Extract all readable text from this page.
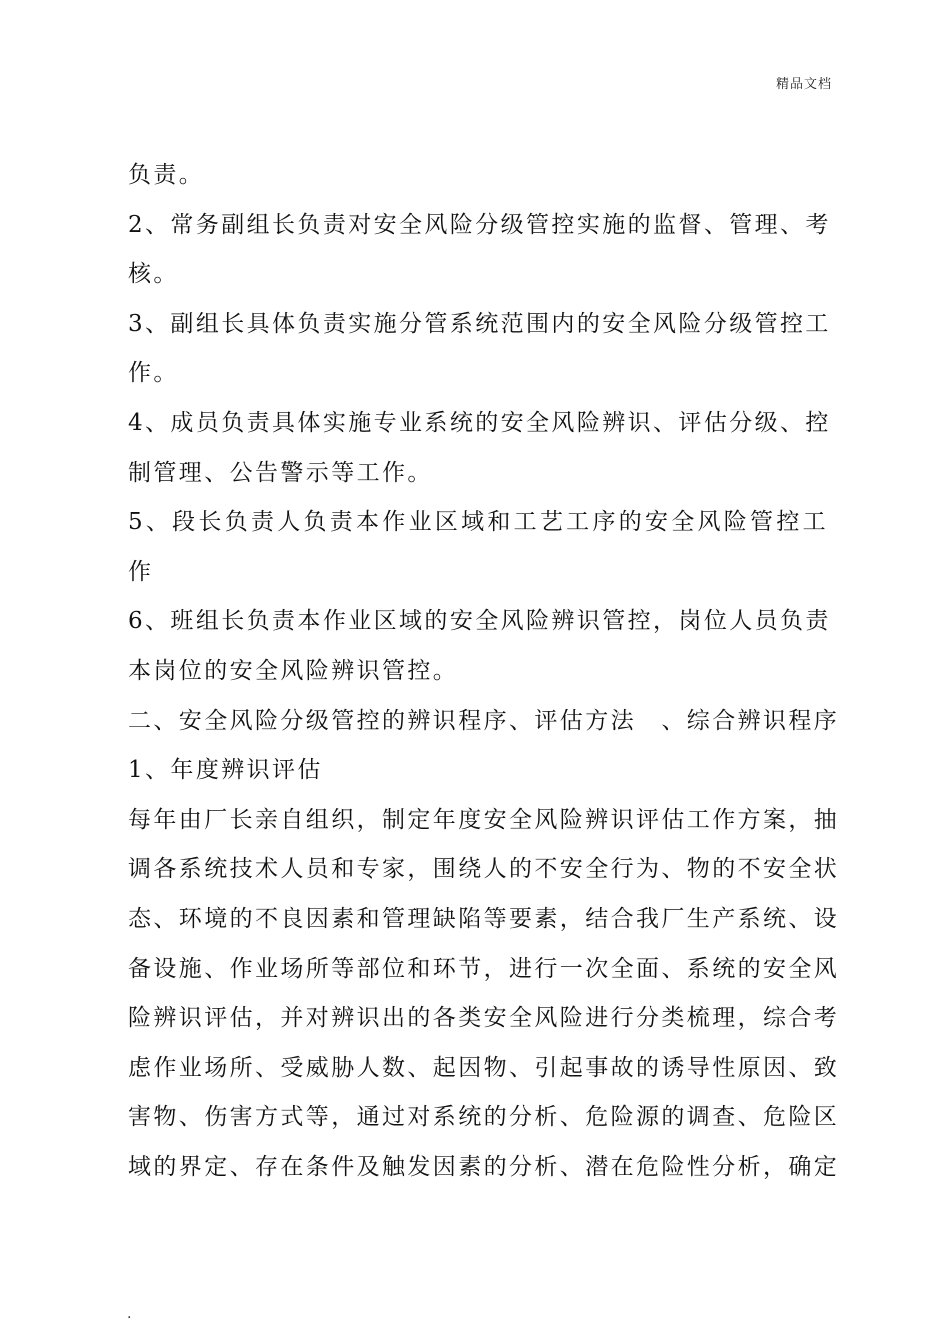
精品文档
负责。
2、常务副组长负责对安全风险分级管控实施的监督、管理、考
核。
3、副组长具体负责实施分管系统范围内的安全风险分级管控工
作。
4、成员负责具体实施专业系统的安全风险辨识、评估分级、控
制管理、公告警示等工作。
5、段长负责人负责本作业区域和工艺工序的安全风险管控工
作
6、班组长负责本作业区域的安全风险辨识管控，岗位人员负责
本岗位的安全风险辨识管控。
二、安全风险分级管控的辨识程序、评估方法　、综合辨识程序
1、年度辨识评估
每年由厂长亲自组织，制定年度安全风险辨识评估工作方案，抽
调各系统技术人员和专家，围绕人的不安全行为、物的不安全状
态、环境的不良因素和管理缺陷等要素，结合我厂生产系统、设
备设施、作业场所等部位和环节，进行一次全面、系统的安全风
险辨识评估，并对辨识出的各类安全风险进行分类梳理，综合考
虑作业场所、受威胁人数、起因物、引起事故的诱导性原因、致
害物、伤害方式等，通过对系统的分析、危险源的调查、危险区
域的界定、存在条件及触发因素的分析、潜在危险性分析，确定
.
